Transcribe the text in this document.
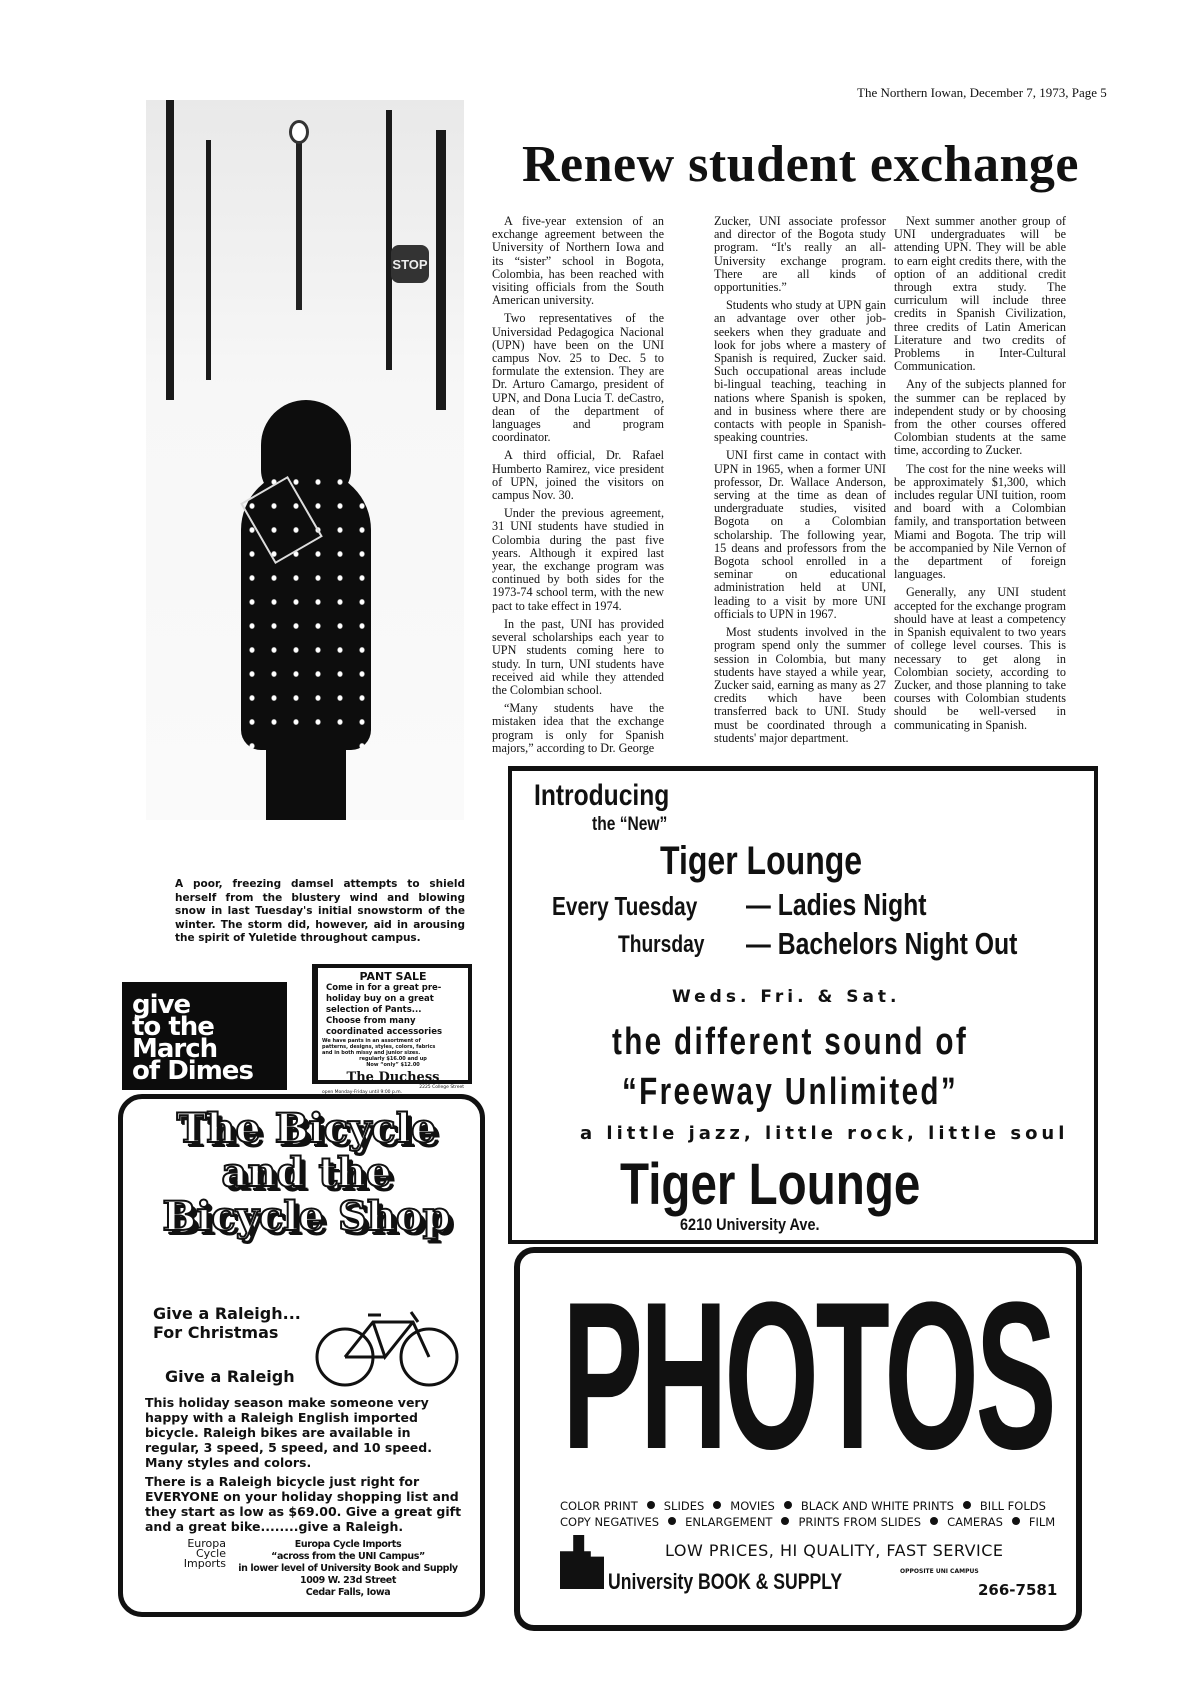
The Northern Iowan, December 7, 1973, Page 5
Renew student exchange
STOP
A poor, freezing damsel attempts to shield herself from the blustery wind and blowing snow in last Tuesday's initial snowstorm of the winter. The storm did, however, aid in arousing the spirit of Yuletide throughout campus.

A five-year extension of an exchange agreement between the University of Northern Iowa and its “sister” school in Bogota, Colombia, has been reached with visiting officials from the South American university.

Two representatives of the Universidad Pedagogica Nacional (UPN) have been on the UNI campus Nov. 25 to Dec. 5 to formulate the extension. They are Dr. Arturo Camargo, president of UPN, and Dona Lucia T. deCastro, dean of the department of languages and program coordinator.

A third official, Dr. Rafael Humberto Ramirez, vice president of UPN, joined the visitors on campus Nov. 30.

Under the previous agreement, 31 UNI students have studied in Colombia during the past five years. Although it expired last year, the exchange program was continued by both sides for the 1973-74 school term, with the new pact to take effect in 1974.

In the past, UNI has provided several scholarships each year to UPN students coming here to study. In turn, UNI students have received aid while they attended the Colombian school.

“Many students have the mistaken idea that the exchange program is only for Spanish majors,” according to Dr. George

Zucker, UNI associate professor and director of the Bogota study program. “It's really an all-University exchange program. There are all kinds of opportunities.”

Students who study at UPN gain an advantage over other job-seekers when they graduate and look for jobs where a mastery of Spanish is required, Zucker said. Such occupational areas include bi-lingual teaching, teaching in nations where Spanish is spoken, and in business where there are contacts with people in Spanish-speaking countries.

UNI first came in contact with UPN in 1965, when a former UNI professor, Dr. Wallace Anderson, serving at the time as dean of undergraduate studies, visited Bogota on a Colombian scholarship. The following year, 15 deans and professors from the Bogota school enrolled in a seminar on educational administration held at UNI, leading to a visit by more UNI officials to UPN in 1967.

Most students involved in the program spend only the summer session in Colombia, but many students have stayed a while year, Zucker said, earning as many as 27 credits which have been transferred back to UNI. Study must be coordinated through a students' major department.

Next summer another group of UNI undergraduates will be attending UPN. They will be able to earn eight credits there, with the option of an additional credit through extra study. The curriculum will include three credits in Spanish Civilization, three credits of Latin American Literature and two credits of Problems in Inter-Cultural Communication.

Any of the subjects planned for the summer can be replaced by independent study or by choosing from the other courses offered Colombian students at the same time, according to Zucker.

The cost for the nine weeks will be approximately $1,300, which includes regular UNI tuition, room and board with a Colombian family, and transportation between Miami and Bogota. The trip will be accompanied by Nile Vernon of the department of foreign languages.

Generally, any UNI student accepted for the exchange program should have at least a competency in Spanish equivalent to two years of college level courses. This is necessary to get along in Colombian society, according to Zucker, and those planning to take courses with Colombian students should be well-versed in communicating in Spanish.

give
to the
March
of Dimes
PANT SALE
Come in for a great pre-
holiday buy on a great
selection of Pants...
Choose from many
coordinated accessories
We have pants in an assortment of
patterns, designs, styles, colors, fabrics
and in both missy and junior sizes.
regularly $16.00 and up
Now “only” $12.00
The Duchess
2225 College Street
open Monday-Friday until 9:00 p.m.
Saturday until 5:00 p.m.
The Bicycle
and the
Bicycle Shop
Give a Raleigh...
For Christmas
Give a Raleigh

This holiday season make someone very happy with a Raleigh English imported bicycle. Raleigh bikes are available in regular, 3 speed, 5 speed, and 10 speed. Many styles and colors.

There is a Raleigh bicycle just right for EVERYONE on your holiday shopping list and they start as low as $69.00. Give a great gift and a great bike........give a Raleigh.

Europa
Cycle
Imports
Europa Cycle Imports
“across from the UNI Campus”
in lower level of University Book and Supply
1009 W. 23d Street
Cedar Falls, Iowa
Introducing
the “New”
Tiger Lounge
Every Tuesday — Ladies Night
Thursday — Bachelors Night Out
Weds. Fri. & Sat.
the different sound of
“Freeway Unlimited”
a little jazz, little rock, little soul
Tiger Lounge
6210 University Ave.
PHOTOS
COLOR PRINT SLIDES MOVIES BLACK AND WHITE PRINTS BILL FOLDS
COPY NEGATIVES ENLARGEMENT PRINTS FROM SLIDES CAMERAS FILM
LOW PRICES, HI QUALITY, FAST SERVICE
University BOOK & SUPPLY	OPPOSITE UNI CAMPUS
266-7581
